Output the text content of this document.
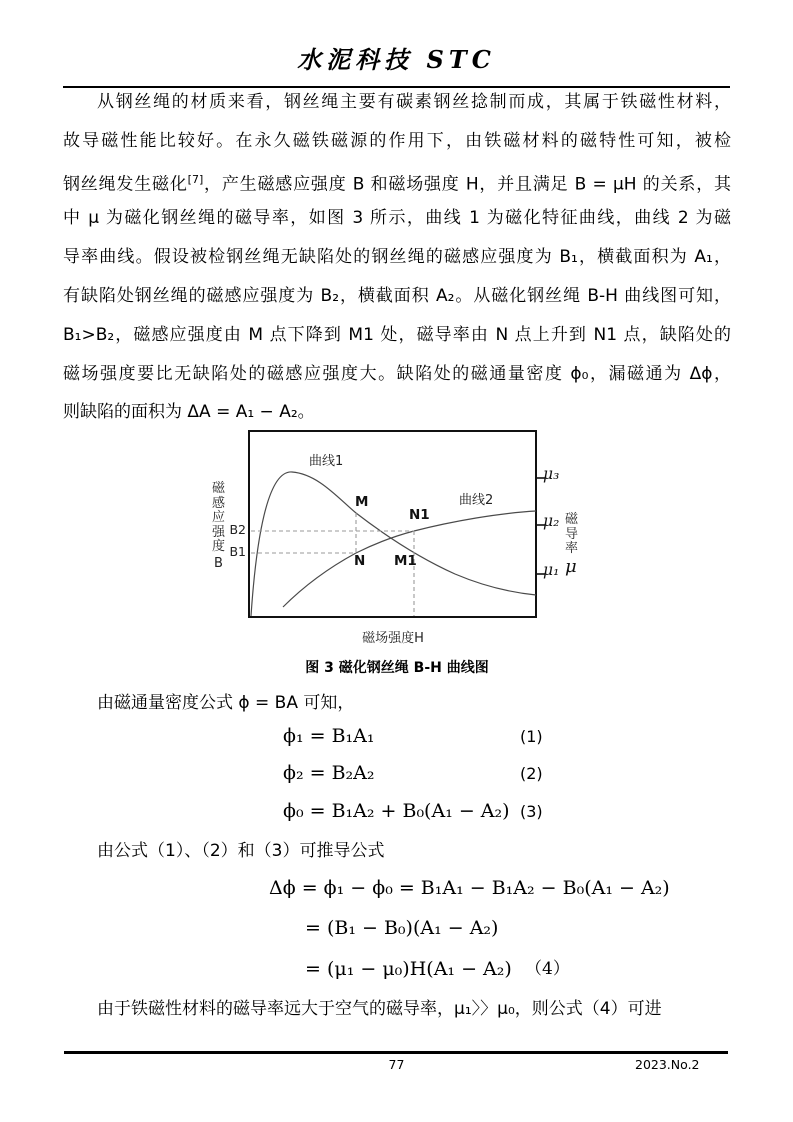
水泥科技 STC
从钢丝绳的材质来看，钢丝绳主要有碳素钢丝捻制而成，其属于铁磁性材料，
故导磁性能比较好。在永久磁铁磁源的作用下，由铁磁材料的磁特性可知，被检
钢丝绳发生磁化[7]，产生磁感应强度 B 和磁场强度 H，并且满足 B = μH 的关系，其
中 μ 为磁化钢丝绳的磁导率，如图 3 所示，曲线 1 为磁化特征曲线，曲线 2 为磁
导率曲线。假设被检钢丝绳无缺陷处的钢丝绳的磁感应强度为 B₁，横截面积为 A₁，
有缺陷处钢丝绳的磁感应强度为 B₂，横截面积 A₂。从磁化钢丝绳 B-H 曲线图可知，
B₁>B₂，磁感应强度由 M 点下降到 M1 处，磁导率由 N 点上升到 N1 点，缺陷处的
磁场强度要比无缺陷处的磁感应强度大。缺陷处的磁通量密度 ϕ₀，漏磁通为 Δϕ，
则缺陷的面积为 ΔA = A₁ − A₂。
曲线1
曲线2
M
N1
N M1
B2
B1
磁感应强度
B
μ₃
μ₂
μ₁
磁导率
μ
磁场强度H
图 3 磁化钢丝绳 B-H 曲线图
由磁通量密度公式 ϕ = BA 可知，
ϕ₁ = B₁A₁	(1)
ϕ₂ = B₂A₂	(2)
ϕ₀ = B₁A₂ + B₀(A₁ − A₂) (3)
由公式（1）、（2）和（3）可推导公式
Δϕ = ϕ₁ − ϕ₀ = B₁A₁ − B₁A₂ − B₀(A₁ − A₂)
= (B₁ − B₀)(A₁ − A₂)
= (μ₁ − μ₀)H(A₁ − A₂) （4）
由于铁磁性材料的磁导率远大于空气的磁导率，μ₁〉〉μ₀，则公式（4）可进
77	2023.No.2
